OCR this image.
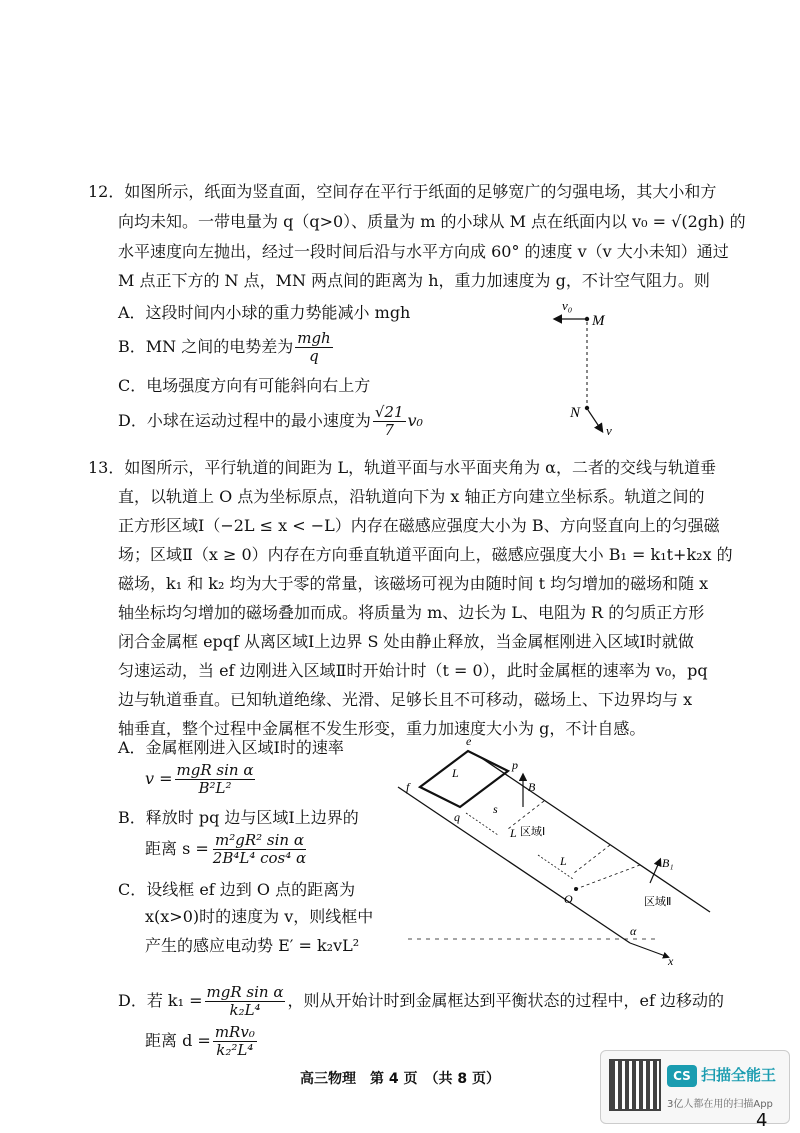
12．如图所示，纸面为竖直面，空间存在平行于纸面的足够宽广的匀强电场，其大小和方
向均未知。一带电量为 q（q>0）、质量为 m 的小球从 M 点在纸面内以 v₀ = √(2gh) 的
水平速度向左抛出，经过一段时间后沿与水平方向成 60° 的速度 v（v 大小未知）通过
M 点正下方的 N 点，MN 两点间的距离为 h，重力加速度为 g，不计空气阻力。则
A．这段时间内小球的重力势能减小 mgh
B．MN 之间的电势差为 $\frac{\text{mgh}}{q}$
C．电场强度方向有可能斜向右上方
D．小球在运动过程中的最小速度为 $\frac{√21}{7} v_0$
v₀
M
N
v
13．如图所示，平行轨道的间距为 L，轨道平面与水平面夹角为 α，二者的交线与轨道垂
直，以轨道上 O 点为坐标原点，沿轨道向下为 x 轴正方向建立坐标系。轨道之间的
正方形区域Ⅰ（−2L ≤ x < −L）内存在磁感应强度大小为 B、方向竖直向上的匀强磁
场；区域Ⅱ（x ≥ 0）内存在方向垂直轨道平面向上，磁感应强度大小 B₁ = k₁t+k₂x 的
磁场，k₁ 和 k₂ 均为大于零的常量，该磁场可视为由随时间 t 均匀增加的磁场和随 x
轴坐标均匀增加的磁场叠加而成。将质量为 m、边长为 L、电阻为 R 的匀质正方形
闭合金属框 epqf 从离区域Ⅰ上边界 S 处由静止释放，当金属框刚进入区域Ⅰ时就做
匀速运动，当 ef 边刚进入区域Ⅱ时开始计时（t = 0），此时金属框的速率为 v₀，pq
边与轨道垂直。已知轨道绝缘、光滑、足够长且不可移动，磁场上、下边界均与 x
轴垂直，整个过程中金属框不发生形变，重力加速度大小为 g，不计自感。
A．金属框刚进入区域Ⅰ时的速率
$v = \frac{\text{mgR sin α}}{\text{B²L²}}$
B．释放时 pq 边与区域Ⅰ上边界的
距离 $s = \frac{\text{m²gR² sin α}}{\text{2B⁴L⁴ cos⁴ α}}$
C．设线框 ef 边到 O 点的距离为
x(x>0)时的速度为 v，则线框中
产生的感应电动势 E′ = k₂vL²
D．若 $k_1 = \frac{\text{mgR sin α}}{\text{k₂L⁴}}$ ，则从开始计时到金属框达到平衡状态的过程中，ef 边移动的
距离 $d = \frac{\text{mRv₀}}{\text{k₂²L⁴}}$
e
p
f
q
L
s
B
L 区域Ⅰ
L
O
B₁
区域Ⅱ
α
x
高三物理　第 4 页　（共 8 页）	CS 扫描全能王
3亿人都在用的扫描App
4
